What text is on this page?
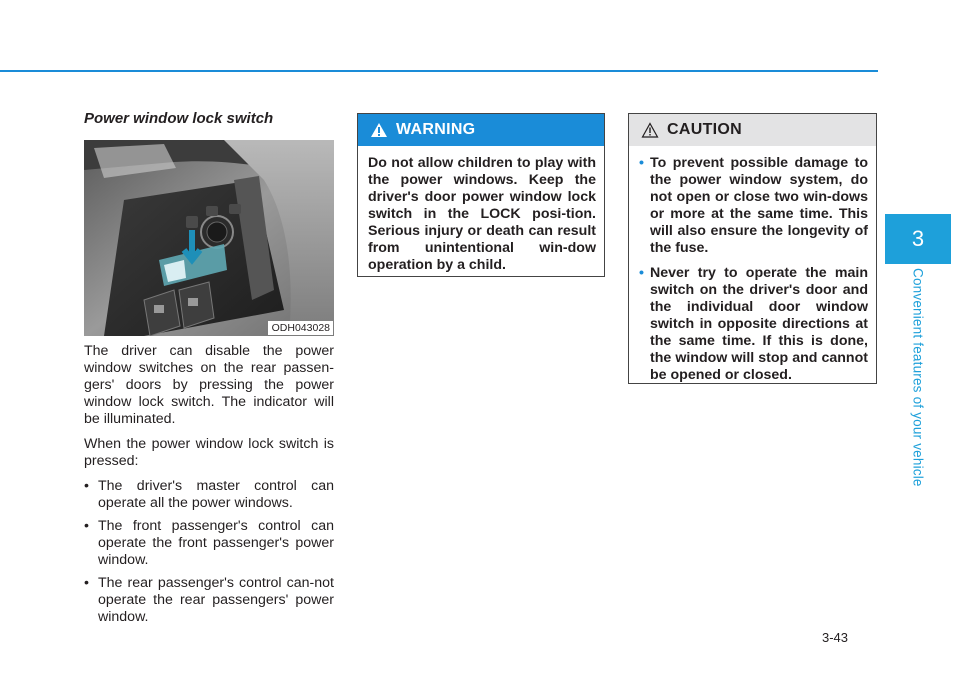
3
Convenient features of your vehicle
Power window lock switch
ODH043028

The driver can disable the power window switches on the rear passen-gers' doors by pressing the power window lock switch. The indicator will be illuminated.

When the power window lock switch is pressed:

• The driver's master control can operate all the power windows.
• The front passenger's control can operate the front passenger's power window.
• The rear passenger's control can-not operate the rear passengers' power window.
WARNING
Do not allow children to play with the power windows. Keep the driver's door power window lock switch in the LOCK posi-tion. Serious injury or death can result from unintentional win-dow operation by a child.
CAUTION
• To prevent possible damage to the power window system, do not open or close two win-dows or more at the same time. This will also ensure the longevity of the fuse.
• Never try to operate the main switch on the driver's door and the individual door window switch in opposite directions at the same time. If this is done, the window will stop and cannot be opened or closed.
3-43
